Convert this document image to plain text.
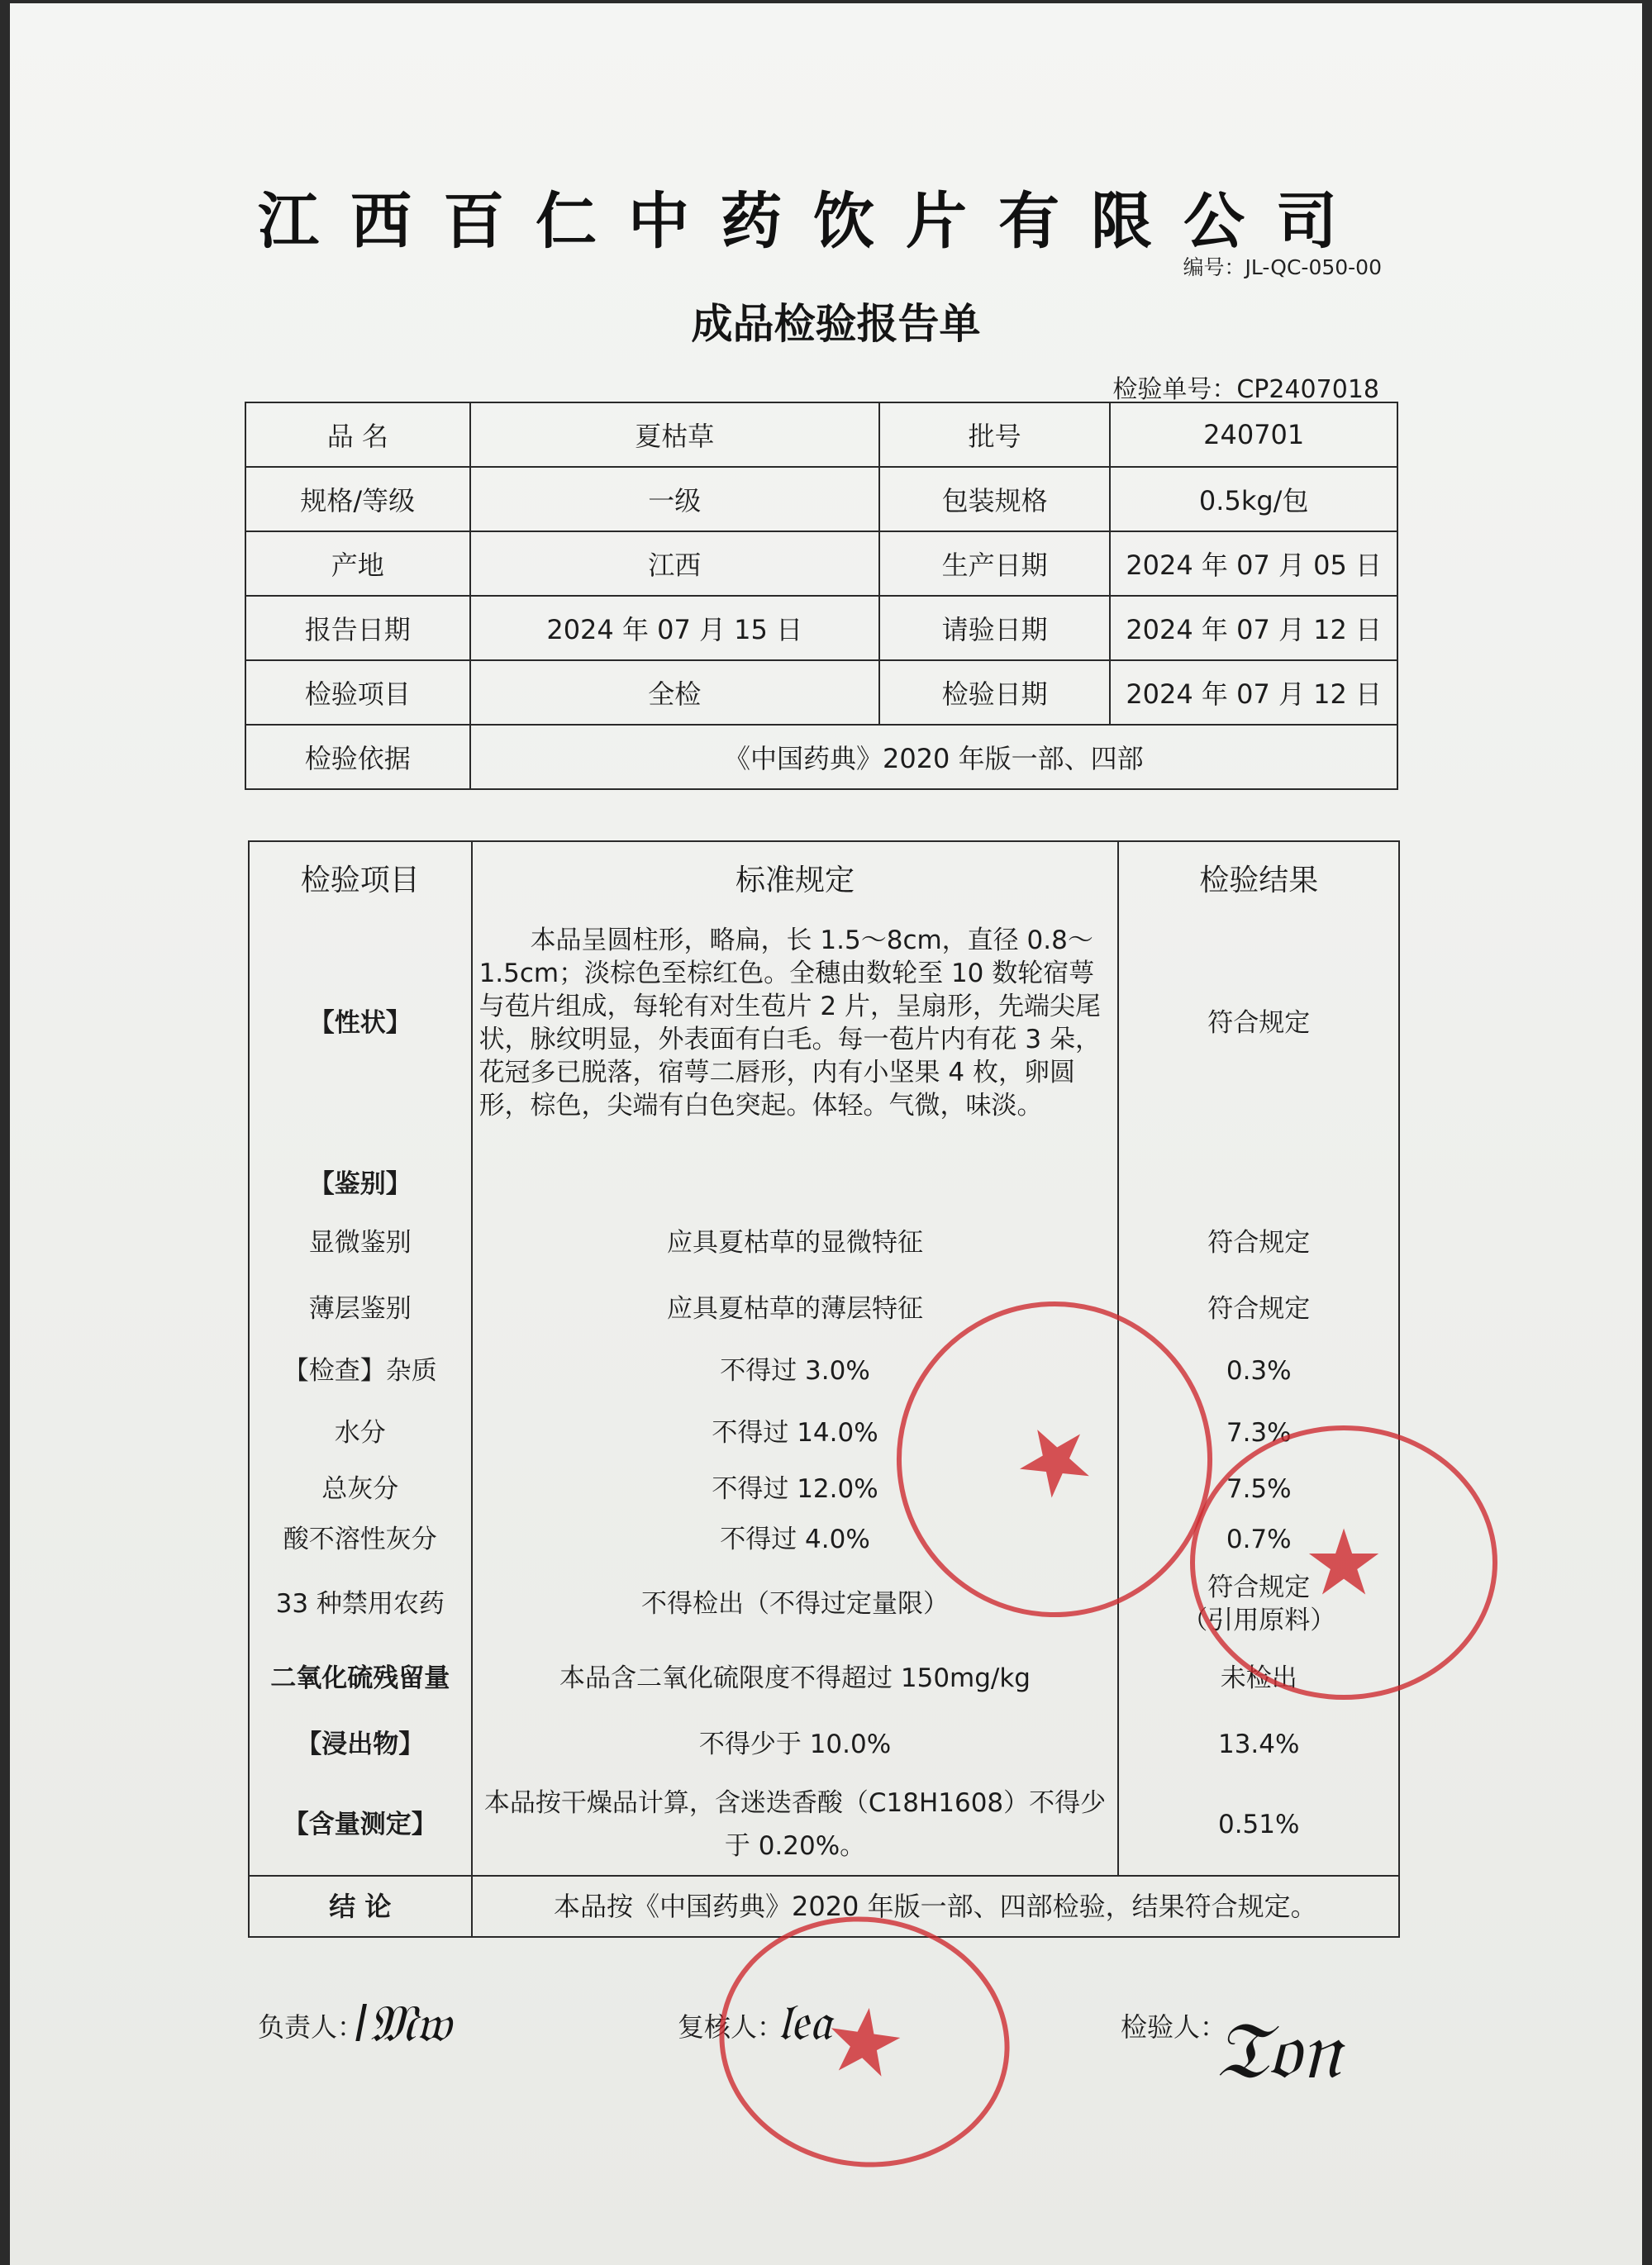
江西百仁中药饮片有限公司
编号：JL-QC-050-00
成品检验报告单
检验单号：CP2407018
品 名	夏枯草	批号	240701
规格/等级	一级	包装规格	0.5kg/包
产地	江西	生产日期	2024 年 07 月 05 日
报告日期	2024 年 07 月 15 日	请验日期	2024 年 07 月 12 日
检验项目	全检	检验日期	2024 年 07 月 12 日
检验依据	《中国药典》2020 年版一部、四部		
检验项目	标准规定	检验结果
【性状】	本品呈圆柱形，略扁，长 1.5～8cm，直径 0.8～1.5cm；淡棕色至棕红色。全穗由数轮至 10 数轮宿萼与苞片组成，每轮有对生苞片 2 片，呈扇形，先端尖尾状，脉纹明显，外表面有白毛。每一苞片内有花 3 朵，花冠多已脱落，宿萼二唇形，内有小坚果 4 枚，卵圆形，棕色，尖端有白色突起。体轻。气微，味淡。	符合规定
【鉴别】		
显微鉴别	应具夏枯草的显微特征	符合规定
薄层鉴别	应具夏枯草的薄层特征	符合规定
【检查】杂质	不得过 3.0%	0.3%
水分	不得过 14.0%	7.3%
总灰分	不得过 12.0%	7.5%
酸不溶性灰分	不得过 4.0%	0.7%
33 种禁用农药	不得检出（不得过定量限）	符合规定
（引用原料）

二氧化硫残留量	本品含二氧化硫限度不得超过 150mg/kg	未检出
【浸出物】	不得少于 10.0%	13.4%
【含量测定】	本品按干燥品计算，含迷迭香酸（C18H1608）不得少于 0.20%。	0.51%
结 论	本品按《中国药典》2020 年版一部、四部检验，结果符合规定。	
负责人：
ǀ𝔐𝔴	复核人：
𝔩𝔢𝔞	检验人：
𝔗𝔬𝔫
★
★
★
